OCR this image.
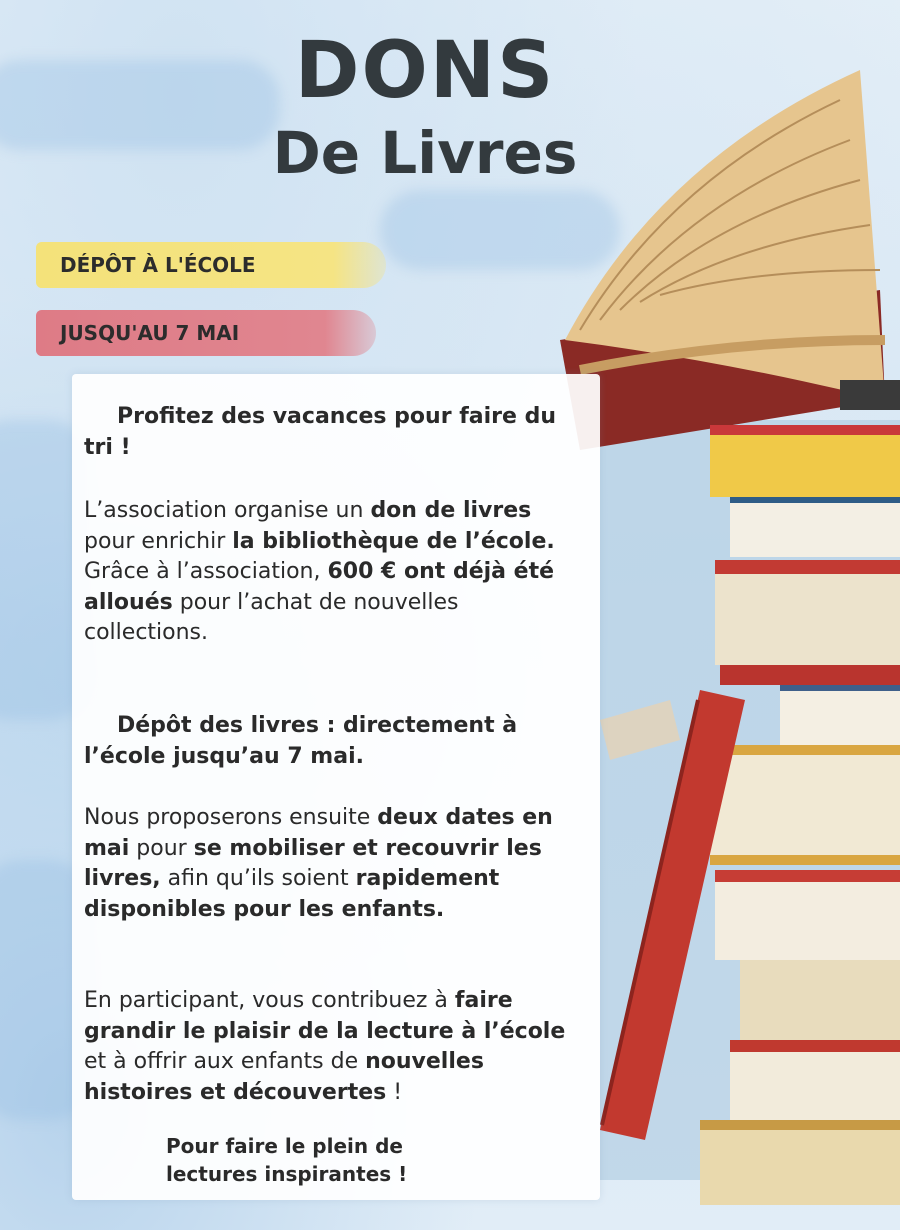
DONS
De Livres
DÉPÔT À L'ÉCOLE
JUSQU'AU 7 MAI

Profitez des vacances pour faire du tri !

L’association organise un don de livres pour enrichir la bibliothèque de l’école.
Grâce à l’association, 600 € ont déjà été alloués pour l’achat de nouvelles collections.

Dépôt des livres : directement à l’école jusqu’au 7 mai.

Nous proposerons ensuite deux dates en mai pour se mobiliser et recouvrir les livres, afin qu’ils soient rapidement disponibles pour les enfants.

En participant, vous contribuez à faire grandir le plaisir de la lecture à l’école et à offrir aux enfants de nouvelles histoires et découvertes !

Pour faire le plein de
lectures inspirantes !
